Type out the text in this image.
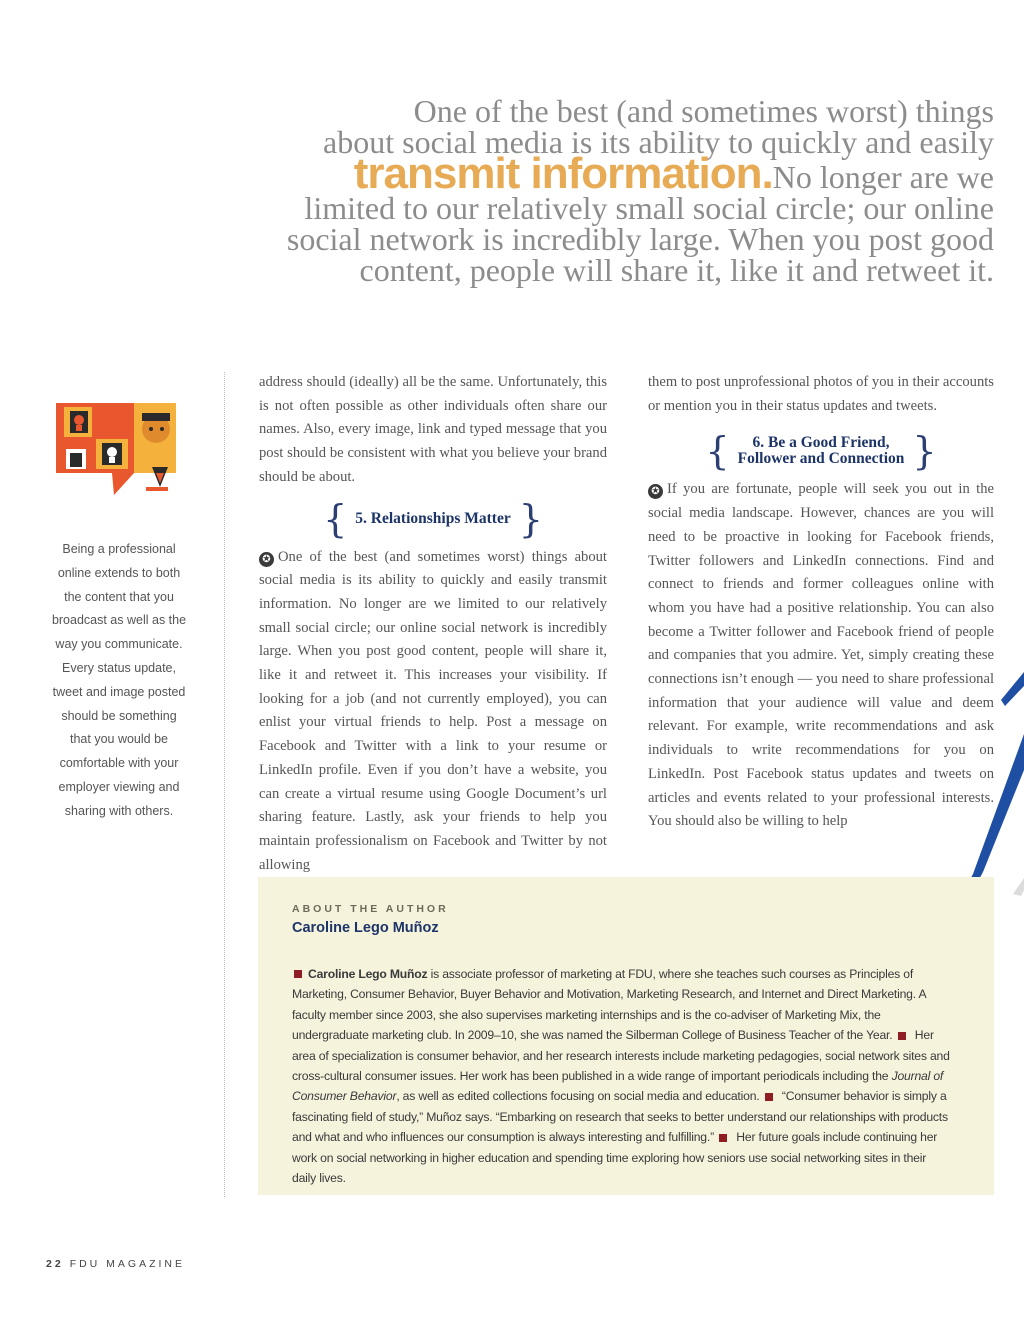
One of the best (and sometimes worst) things
about social media is its ability to quickly and easily
transmit information.No longer are we
limited to our relatively small social circle; our online
social network is incredibly large. When you post good
content, people will share it, like it and retweet it.
Being a professional
online extends to both
the content that you
broadcast as well as the
way you communicate.
Every status update,
tweet and image posted
should be something
that you would be
comfortable with your
employer viewing and
sharing with others.

address should (ideally) all be the same. Unfortunately, this is not often possible as other individuals often share our names. Also, every image, link and typed message that you post should be consistent with what you believe your brand should be about.

{ 5. Relationships Matter }

✪ One of the best (and sometimes worst) things about social media is its ability to quickly and easily transmit information. No longer are we limited to our relatively small social circle; our online social network is incredibly large. When you post good content, people will share it, like it and retweet it. This increases your visibility. If looking for a job (and not currently employed), you can enlist your virtual friends to help. Post a message on Facebook and Twitter with a link to your resume or LinkedIn profile. Even if you don’t have a website, you can create a virtual resume using Google Document’s url sharing feature. Lastly, ask your friends to help you maintain professionalism on Facebook and Twitter by not allowing

them to post unprofessional photos of you in their accounts or mention you in their status updates and tweets.

{	6. Be a Good Friend,
Follower and Connection }

✪ If you are fortunate, people will seek you out in the social media landscape. However, chances are you will need to be proactive in looking for Facebook friends, Twitter followers and LinkedIn connections. Find and connect to friends and former colleagues online with whom you have had a positive relationship. You can also become a Twitter follower and Facebook friend of people and companies that you admire. Yet, simply creating these connections isn’t enough — you need to share professional information that your audience will value and deem relevant. For example, write recommendations and ask individuals to write recommendations for you on LinkedIn. Post Facebook status updates and tweets on articles and events related to your professional interests. You should also be willing to help

ABOUT THE AUTHOR
Caroline Lego Muñoz
Caroline Lego Muñoz is associate professor of marketing at FDU, where she teaches such courses as Principles of Marketing, Consumer Behavior, Buyer Behavior and Motivation, Marketing Research, and Internet and Direct Marketing. A faculty member since 2003, she also supervises marketing internships and is the co-adviser of Marketing Mix, the undergraduate marketing club. In 2009–10, she was named the Silberman College of Business Teacher of the Year.  Her area of specialization is consumer behavior, and her research interests include marketing pedagogies, social network sites and cross-cultural consumer issues. Her work has been published in a wide range of important periodicals including the Journal of Consumer Behavior, as well as edited collections focusing on social media and education.  “Consumer behavior is simply a fascinating field of study,” Muñoz says. “Embarking on research that seeks to better understand our relationships with products and what and who influences our consumption is always interesting and fulfilling.”  Her future goals include continuing her work on social networking in higher education and spending time exploring how seniors use social networking sites in their daily lives.
22 FDU MAGAZINE
